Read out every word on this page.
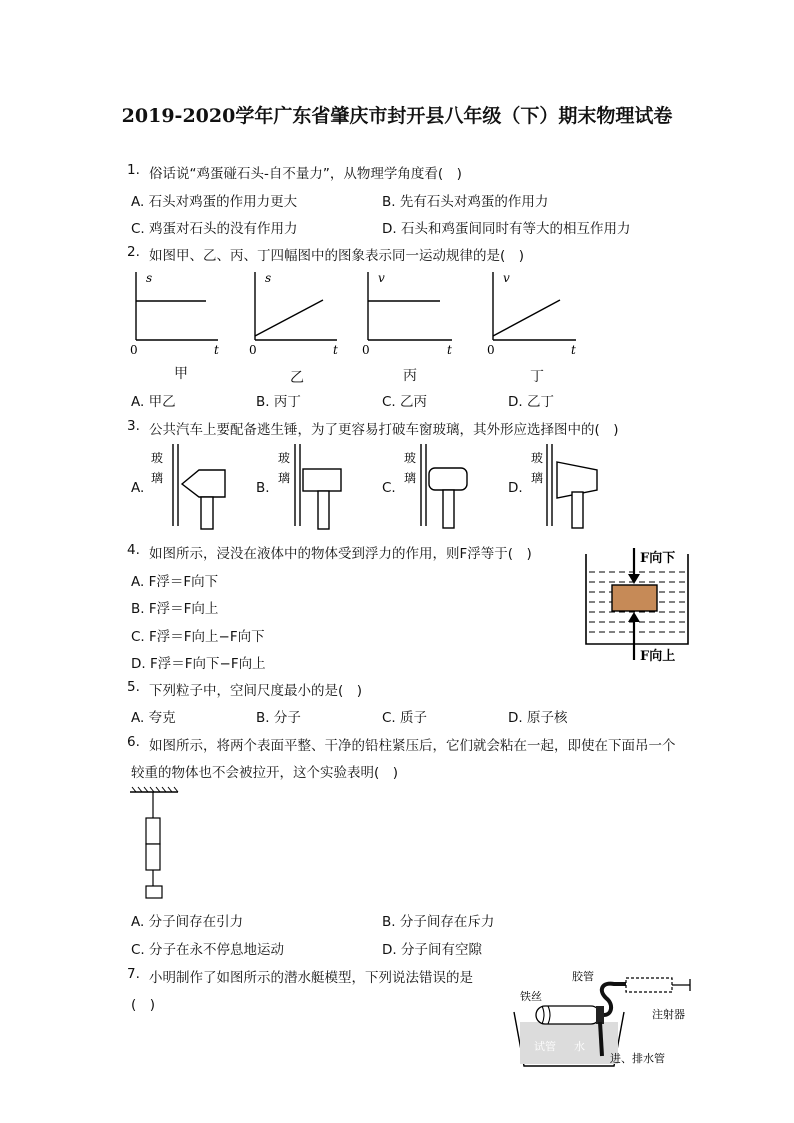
2019-2020学年广东省肇庆市封开县八年级（下）期末物理试卷
1. 俗话说“鸡蛋碰石头-自不量力”，从物理学角度看(　)
A. 石头对鸡蛋的作用力更大	B. 先有石头对鸡蛋的作用力
C. 鸡蛋对石头的没有作用力	D. 石头和鸡蛋间同时有等大的相互作用力
2. 如图甲、乙、丙、丁四幅图中的图象表示同一运动规律的是(　)
s
t
0
s
t
0
v
t
0
v
t
0
甲	乙	丙	丁
A. 甲乙	B. 丙丁	C. 乙丙	D. 乙丁
3. 公共汽车上要配备逃生锤，为了更容易打破车窗玻璃，其外形应选择图中的(　)
A.	B.	C.	D.
玻
璃
玻
璃
玻
璃
玻
璃
4. 如图所示，浸没在液体中的物体受到浮力的作用，则F浮等于(　)
A. F浮＝F向下
B. F浮＝F向上
C. F浮＝F向上−F向下
D. F浮＝F向下−F向上
F向下
F向上
5. 下列粒子中，空间尺度最小的是(　)
A. 夸克	B. 分子	C. 质子	D. 原子核
6. 如图所示，将两个表面平整、干净的铅柱紧压后，它们就会粘在一起，即使在下面吊一个
较重的物体也不会被拉开，这个实验表明(　)
A. 分子间存在引力	B. 分子间存在斥力
C. 分子在永不停息地运动	D. 分子间有空隙
7. 小明制作了如图所示的潜水艇模型，下列说法错误的是
(　)
铁丝
胶管
注射器
试管 水
进、排水管
